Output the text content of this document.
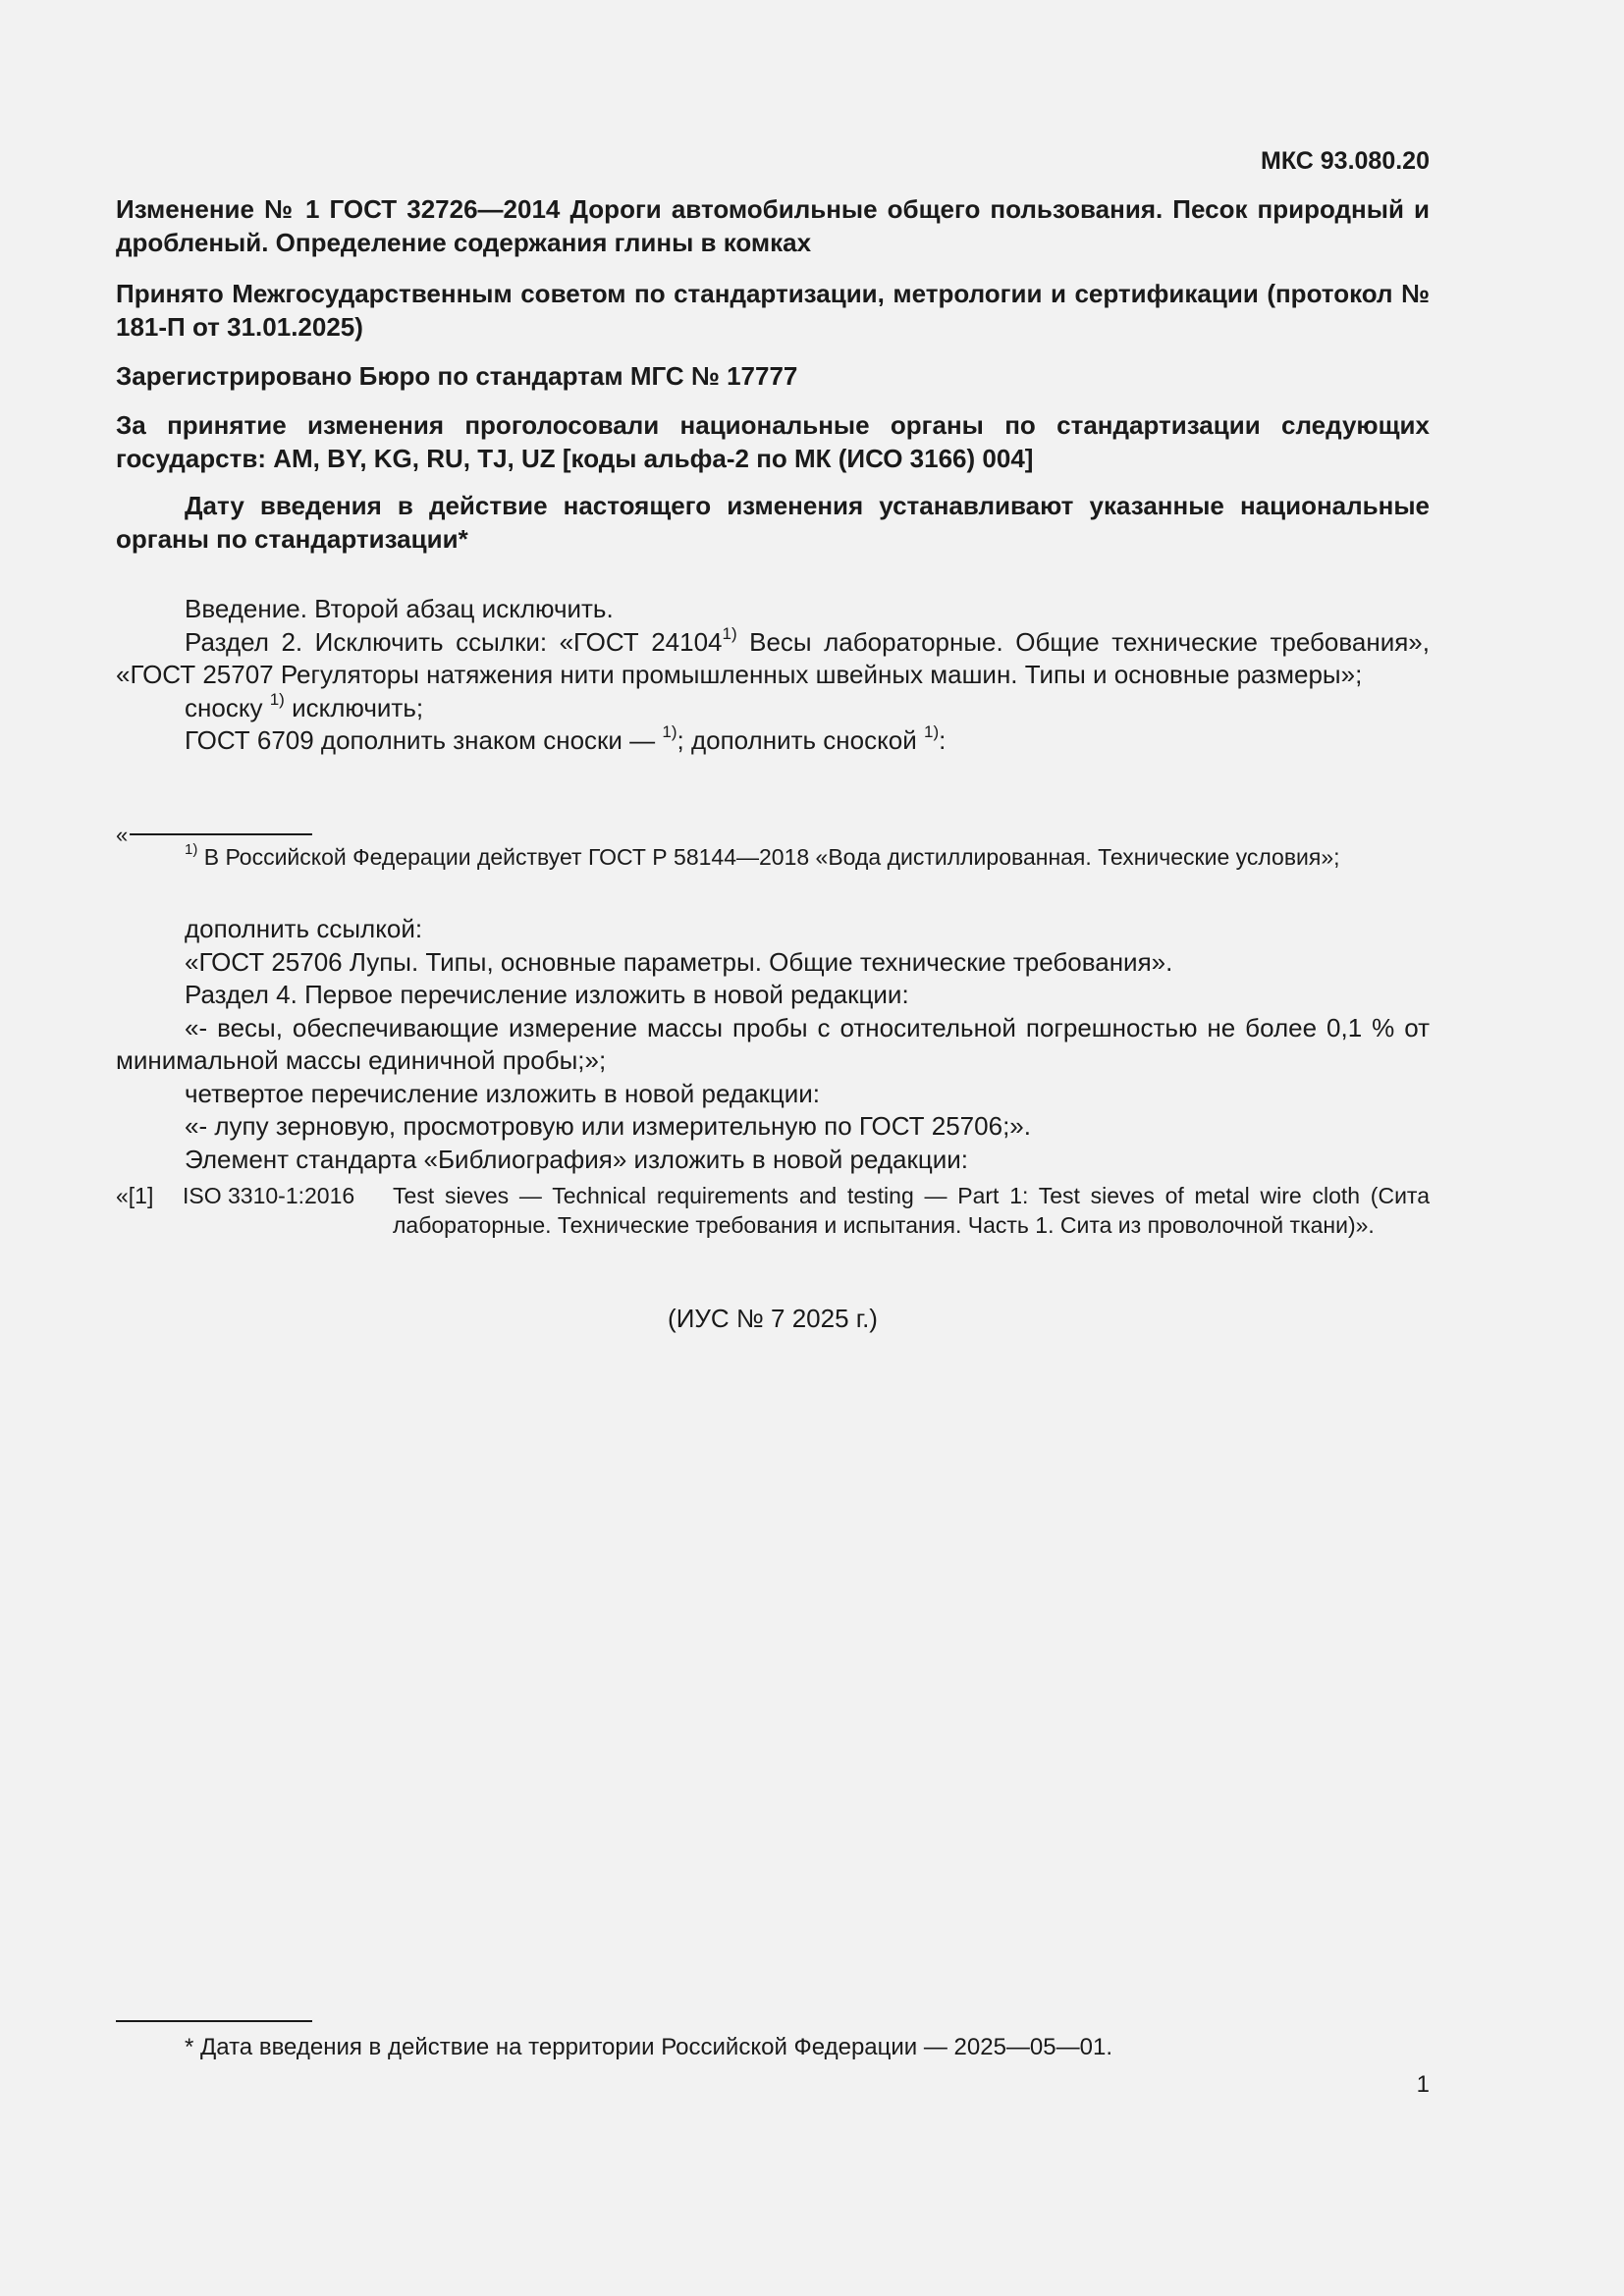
МКС 93.080.20

Изменение № 1 ГОСТ 32726—2014 Дороги автомобильные общего пользования. Песок природный и дробленый. Определение содержания глины в комках

Принято Межгосударственным советом по стандартизации, метрологии и сертификации (протокол № 181-П от 31.01.2025)

Зарегистрировано Бюро по стандартам МГС № 17777

За принятие изменения проголосовали национальные органы по стандартизации следующих государств: AM, BY, KG, RU, TJ, UZ [коды альфа-2 по МК (ИСО 3166) 004]

Дату введения в действие настоящего изменения устанавливают указанные национальные органы по стандартизации*

Введение. Второй абзац исключить.

Раздел 2. Исключить ссылки: «ГОСТ 24104$^{1)}$ Весы лабораторные. Общие технические требования», «ГОСТ 25707 Регуляторы натяжения нити промышленных швейных машин. Типы и основные размеры»;

сноску $^{1)}$ исключить;

ГОСТ 6709 дополнить знаком сноски — $^{1)}$; дополнить сноской $^{1)}$:

«
$^{1)}$ В Российской Федерации действует ГОСТ Р 58144—2018 «Вода дистиллированная. Технические условия»;

дополнить ссылкой:

«ГОСТ 25706 Лупы. Типы, основные параметры. Общие технические требования».

Раздел 4. Первое перечисление изложить в новой редакции:

«- весы, обеспечивающие измерение массы пробы с относительной погрешностью не более 0,1 % от минимальной массы единичной пробы;»;

четвертое перечисление изложить в новой редакции:

«- лупу зерновую, просмотровую или измерительную по ГОСТ 25706;».

Элемент стандарта «Библиография» изложить в новой редакции:

«[1] ISO 3310-1:2016 Test sieves — Technical requirements and testing — Part 1: Test sieves of metal wire cloth (Сита лабораторные. Технические требования и испытания. Часть 1. Сита из проволочной ткани)».
(ИУС № 7 2025 г.)
* Дата введения в действие на территории Российской Федерации — 2025—05—01.
1
